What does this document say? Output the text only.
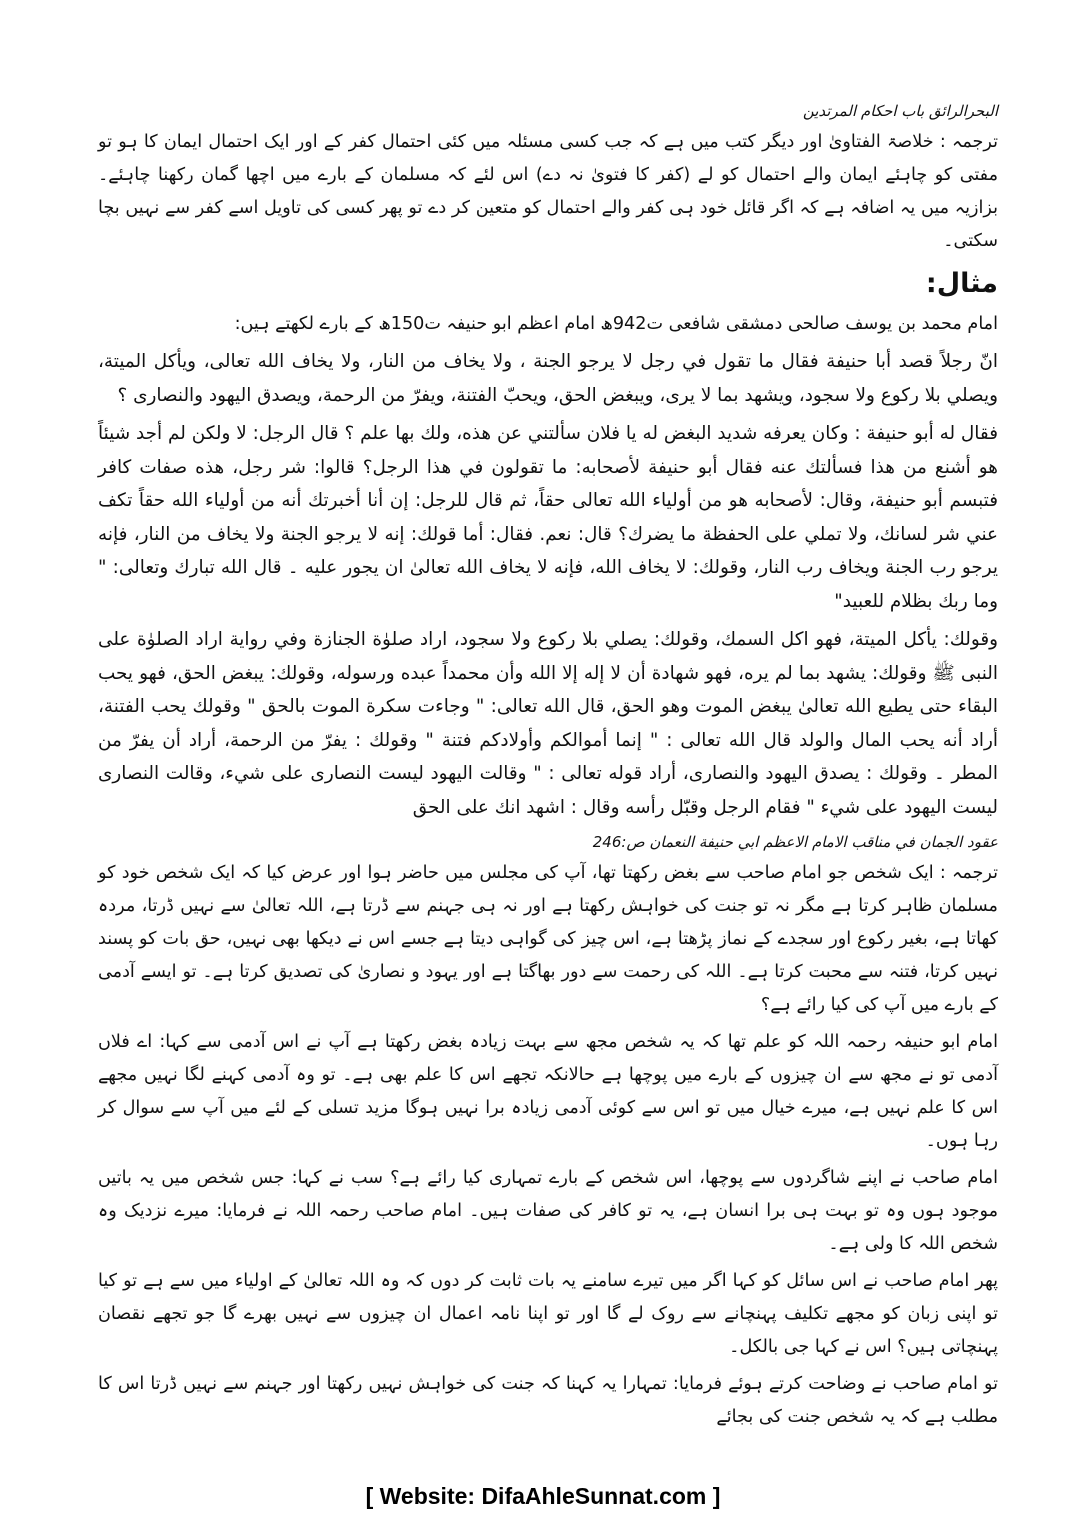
البحرالرائق باب احکام المرتدین

ترجمہ : خلاصۃ الفتاویٰ اور دیگر کتب میں ہے کہ جب کسی مسئلہ میں کئی احتمال کفر کے اور ایک احتمال ایمان کا ہو تو مفتی کو چاہئے ایمان والے احتمال کو لے (کفر کا فتویٰ نہ دے) اس لئے کہ مسلمان کے بارے میں اچھا گمان رکھنا چاہئے۔ بزازیہ میں یہ اضافہ ہے کہ اگر قائل خود ہی کفر والے احتمال کو متعین کر دے تو پھر کسی کی تاویل اسے کفر سے نہیں بچا سکتی۔

مثال:

امام محمد بن یوسف صالحی دمشقی شافعی ت942ھ امام اعظم ابو حنیفہ ت150ھ کے بارے لکھتے ہیں:

انّ رجلاً قصد أبا حنيفة فقال ما تقول في رجل لا يرجو الجنة ، ولا يخاف من النار، ولا يخاف الله تعالى، ويأكل الميتة، ويصلي بلا ركوع ولا سجود، ويشهد بما لا يرى، ويبغض الحق، ويحبّ الفتنة، ويفرّ من الرحمة، ويصدق اليهود والنصارى ؟

فقال له أبو حنيفة : وكان يعرفه شديد البغض له يا فلان سألتني عن هذه، ولك بها علم ؟ قال الرجل: لا ولكن لم أجد شيئاً هو أشنع من هذا فسألتك عنه فقال أبو حنيفة لأصحابه: ما تقولون في هذا الرجل؟ قالوا: شر رجل، هذه صفات كافر فتبسم أبو حنيفة، وقال: لأصحابه هو من أولياء الله تعالى حقاً، ثم قال للرجل: إن أنا أخبرتك أنه من أولياء الله حقاً تكف عني شر لسانك، ولا تملي على الحفظة ما يضرك؟ قال: نعم. فقال: أما قولك: إنه لا يرجو الجنة ولا يخاف من النار، فإنه يرجو رب الجنة ويخاف رب النار، وقولك: لا يخاف الله، فإنه لا يخاف الله تعالىٰ ان يجور عليه ۔ قال الله تبارك وتعالى: " وما ربك بظلام للعبيد"

وقولك: يأكل الميتة، فهو اكل السمك، وقولك: يصلي بلا ركوع ولا سجود، اراد صلوٰة الجنازة وفي رواية اراد الصلوٰة على النبى ﷺ وقولك: يشهد بما لم يره، فهو شهادة أن لا إله إلا الله وأن محمداً عبده ورسوله، وقولك: يبغض الحق، فهو يحب البقاء حتى يطيع الله تعالىٰ يبغض الموت وهو الحق، قال الله تعالى: " وجاءت سكرة الموت بالحق " وقولك يحب الفتنة، أراد أنه يحب المال والولد قال الله تعالى : " إنما أموالكم وأولادكم فتنة " وقولك : يفرّ من الرحمة، أراد أن يفرّ من المطر ۔ وقولك : يصدق اليهود والنصارى، أراد قوله تعالى : " وقالت اليهود ليست النصارى على شيء، وقالت النصارى ليست اليهود على شيء " فقام الرجل وقبّل رأسه وقال : اشهد انك على الحق

عقود الجمان في مناقب الامام الاعظم ابي حنيفة النعمان ص:246

ترجمہ : ایک شخص جو امام صاحب سے بغض رکھتا تھا، آپ کی مجلس میں حاضر ہوا اور عرض کیا کہ ایک شخص خود کو مسلمان ظاہر کرتا ہے مگر نہ تو جنت کی خواہش رکھتا ہے اور نہ ہی جہنم سے ڈرتا ہے، اللہ تعالیٰ سے نہیں ڈرتا، مردہ کھاتا ہے، بغیر رکوع اور سجدے کے نماز پڑھتا ہے، اس چیز کی گواہی دیتا ہے جسے اس نے دیکھا بھی نہیں، حق بات کو پسند نہیں کرتا، فتنہ سے محبت کرتا ہے۔ اللہ کی رحمت سے دور بھاگتا ہے اور یہود و نصاریٰ کی تصدیق کرتا ہے۔ تو ایسے آدمی کے بارے میں آپ کی کیا رائے ہے؟

امام ابو حنیفہ رحمہ اللہ کو علم تھا کہ یہ شخص مجھ سے بہت زیادہ بغض رکھتا ہے آپ نے اس آدمی سے کہا: اے فلاں آدمی تو نے مجھ سے ان چیزوں کے بارے میں پوچھا ہے حالانکہ تجھے اس کا علم بھی ہے۔ تو وہ آدمی کہنے لگا نہیں مجھے اس کا علم نہیں ہے، میرے خیال میں تو اس سے کوئی آدمی زیادہ برا نہیں ہوگا مزید تسلی کے لئے میں آپ سے سوال کر رہا ہوں۔

امام صاحب نے اپنے شاگردوں سے پوچھا، اس شخص کے بارے تمہاری کیا رائے ہے؟ سب نے کہا: جس شخص میں یہ باتیں موجود ہوں وہ تو بہت ہی برا انسان ہے، یہ تو کافر کی صفات ہیں۔ امام صاحب رحمہ اللہ نے فرمایا: میرے نزدیک وہ شخص اللہ کا ولی ہے۔

پھر امام صاحب نے اس سائل کو کہا اگر میں تیرے سامنے یہ بات ثابت کر دوں کہ وہ اللہ تعالیٰ کے اولیاء میں سے ہے تو کیا تو اپنی زبان کو مجھے تکلیف پہنچانے سے روک لے گا اور تو اپنا نامہ اعمال ان چیزوں سے نہیں بھرے گا جو تجھے نقصان پہنچاتی ہیں؟ اس نے کہا جی بالکل۔

تو امام صاحب نے وضاحت کرتے ہوئے فرمایا: تمہارا یہ کہنا کہ جنت کی خواہش نہیں رکھتا اور جہنم سے نہیں ڈرتا اس کا مطلب ہے کہ یہ شخص جنت کی بجائے

[ Website: DifaAhleSunnat.com ]
